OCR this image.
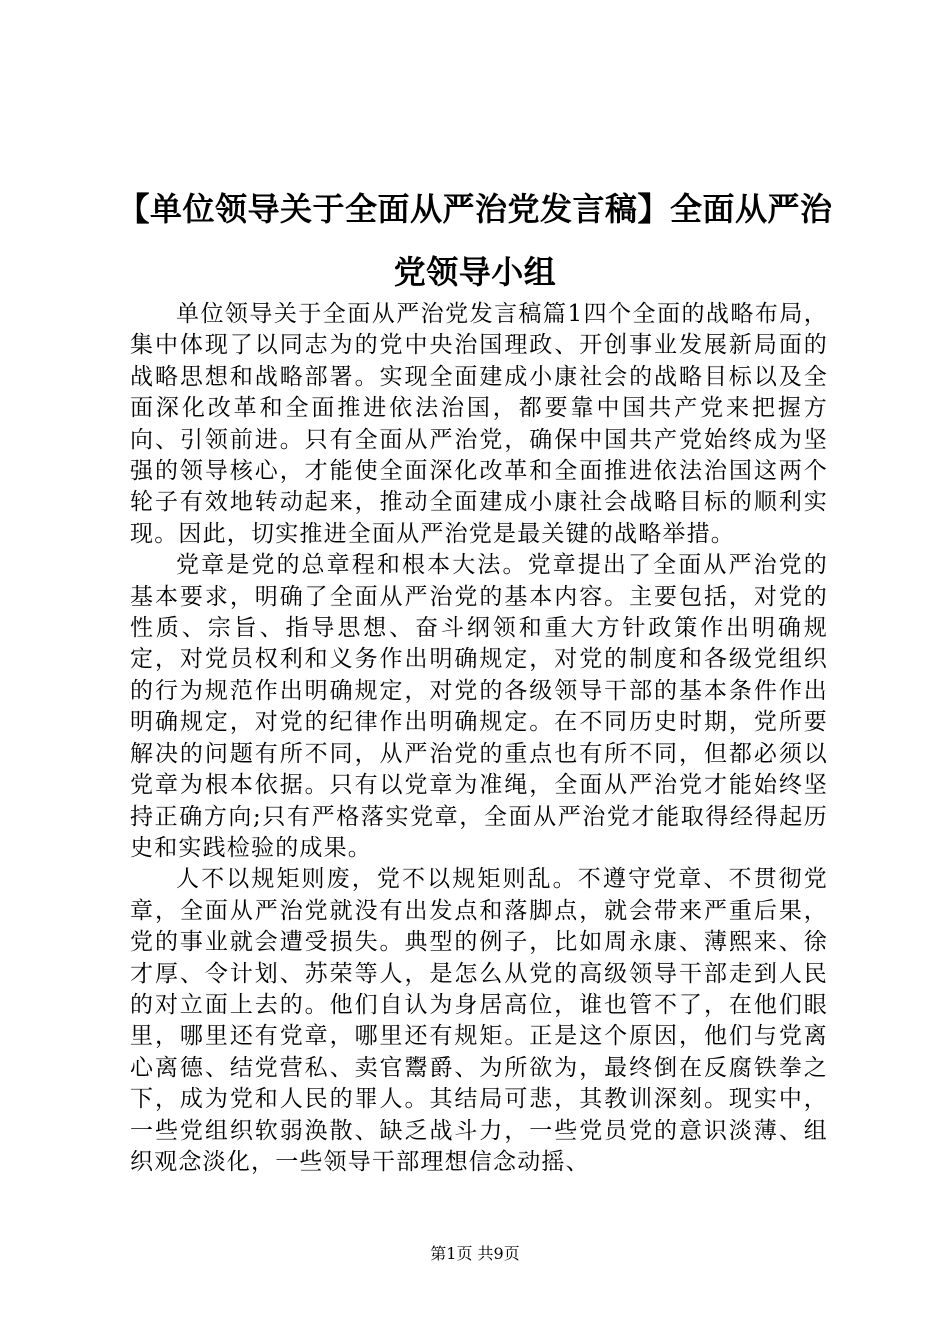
【单位领导关于全面从严治党发言稿】全面从严治党领导小组

单位领导关于全面从严治党发言稿篇1四个全面的战略布局，集中体现了以同志为的党中央治国理政、开创事业发展新局面的战略思想和战略部署。实现全面建成小康社会的战略目标以及全面深化改革和全面推进依法治国，都要靠中国共产党来把握方向、引领前进。只有全面从严治党，确保中国共产党始终成为坚强的领导核心，才能使全面深化改革和全面推进依法治国这两个轮子有效地转动起来，推动全面建成小康社会战略目标的顺利实现。因此，切实推进全面从严治党是最关键的战略举措。

党章是党的总章程和根本大法。党章提出了全面从严治党的基本要求，明确了全面从严治党的基本内容。主要包括，对党的性质、宗旨、指导思想、奋斗纲领和重大方针政策作出明确规定，对党员权利和义务作出明确规定，对党的制度和各级党组织的行为规范作出明确规定，对党的各级领导干部的基本条件作出明确规定，对党的纪律作出明确规定。在不同历史时期，党所要解决的问题有所不同，从严治党的重点也有所不同，但都必须以党章为根本依据。只有以党章为准绳，全面从严治党才能始终坚持正确方向;只有严格落实党章，全面从严治党才能取得经得起历史和实践检验的成果。

人不以规矩则废，党不以规矩则乱。不遵守党章、不贯彻党章，全面从严治党就没有出发点和落脚点，就会带来严重后果，党的事业就会遭受损失。典型的例子，比如周永康、薄熙来、徐才厚、令计划、苏荣等人，是怎么从党的高级领导干部走到人民的对立面上去的。他们自认为身居高位，谁也管不了，在他们眼里，哪里还有党章，哪里还有规矩。正是这个原因，他们与党离心离德、结党营私、卖官鬻爵、为所欲为，最终倒在反腐铁拳之下，成为党和人民的罪人。其结局可悲，其教训深刻。现实中，一些党组织软弱涣散、缺乏战斗力，一些党员党的意识淡薄、组织观念淡化，一些领导干部理想信念动摇、

第1页 共9页
